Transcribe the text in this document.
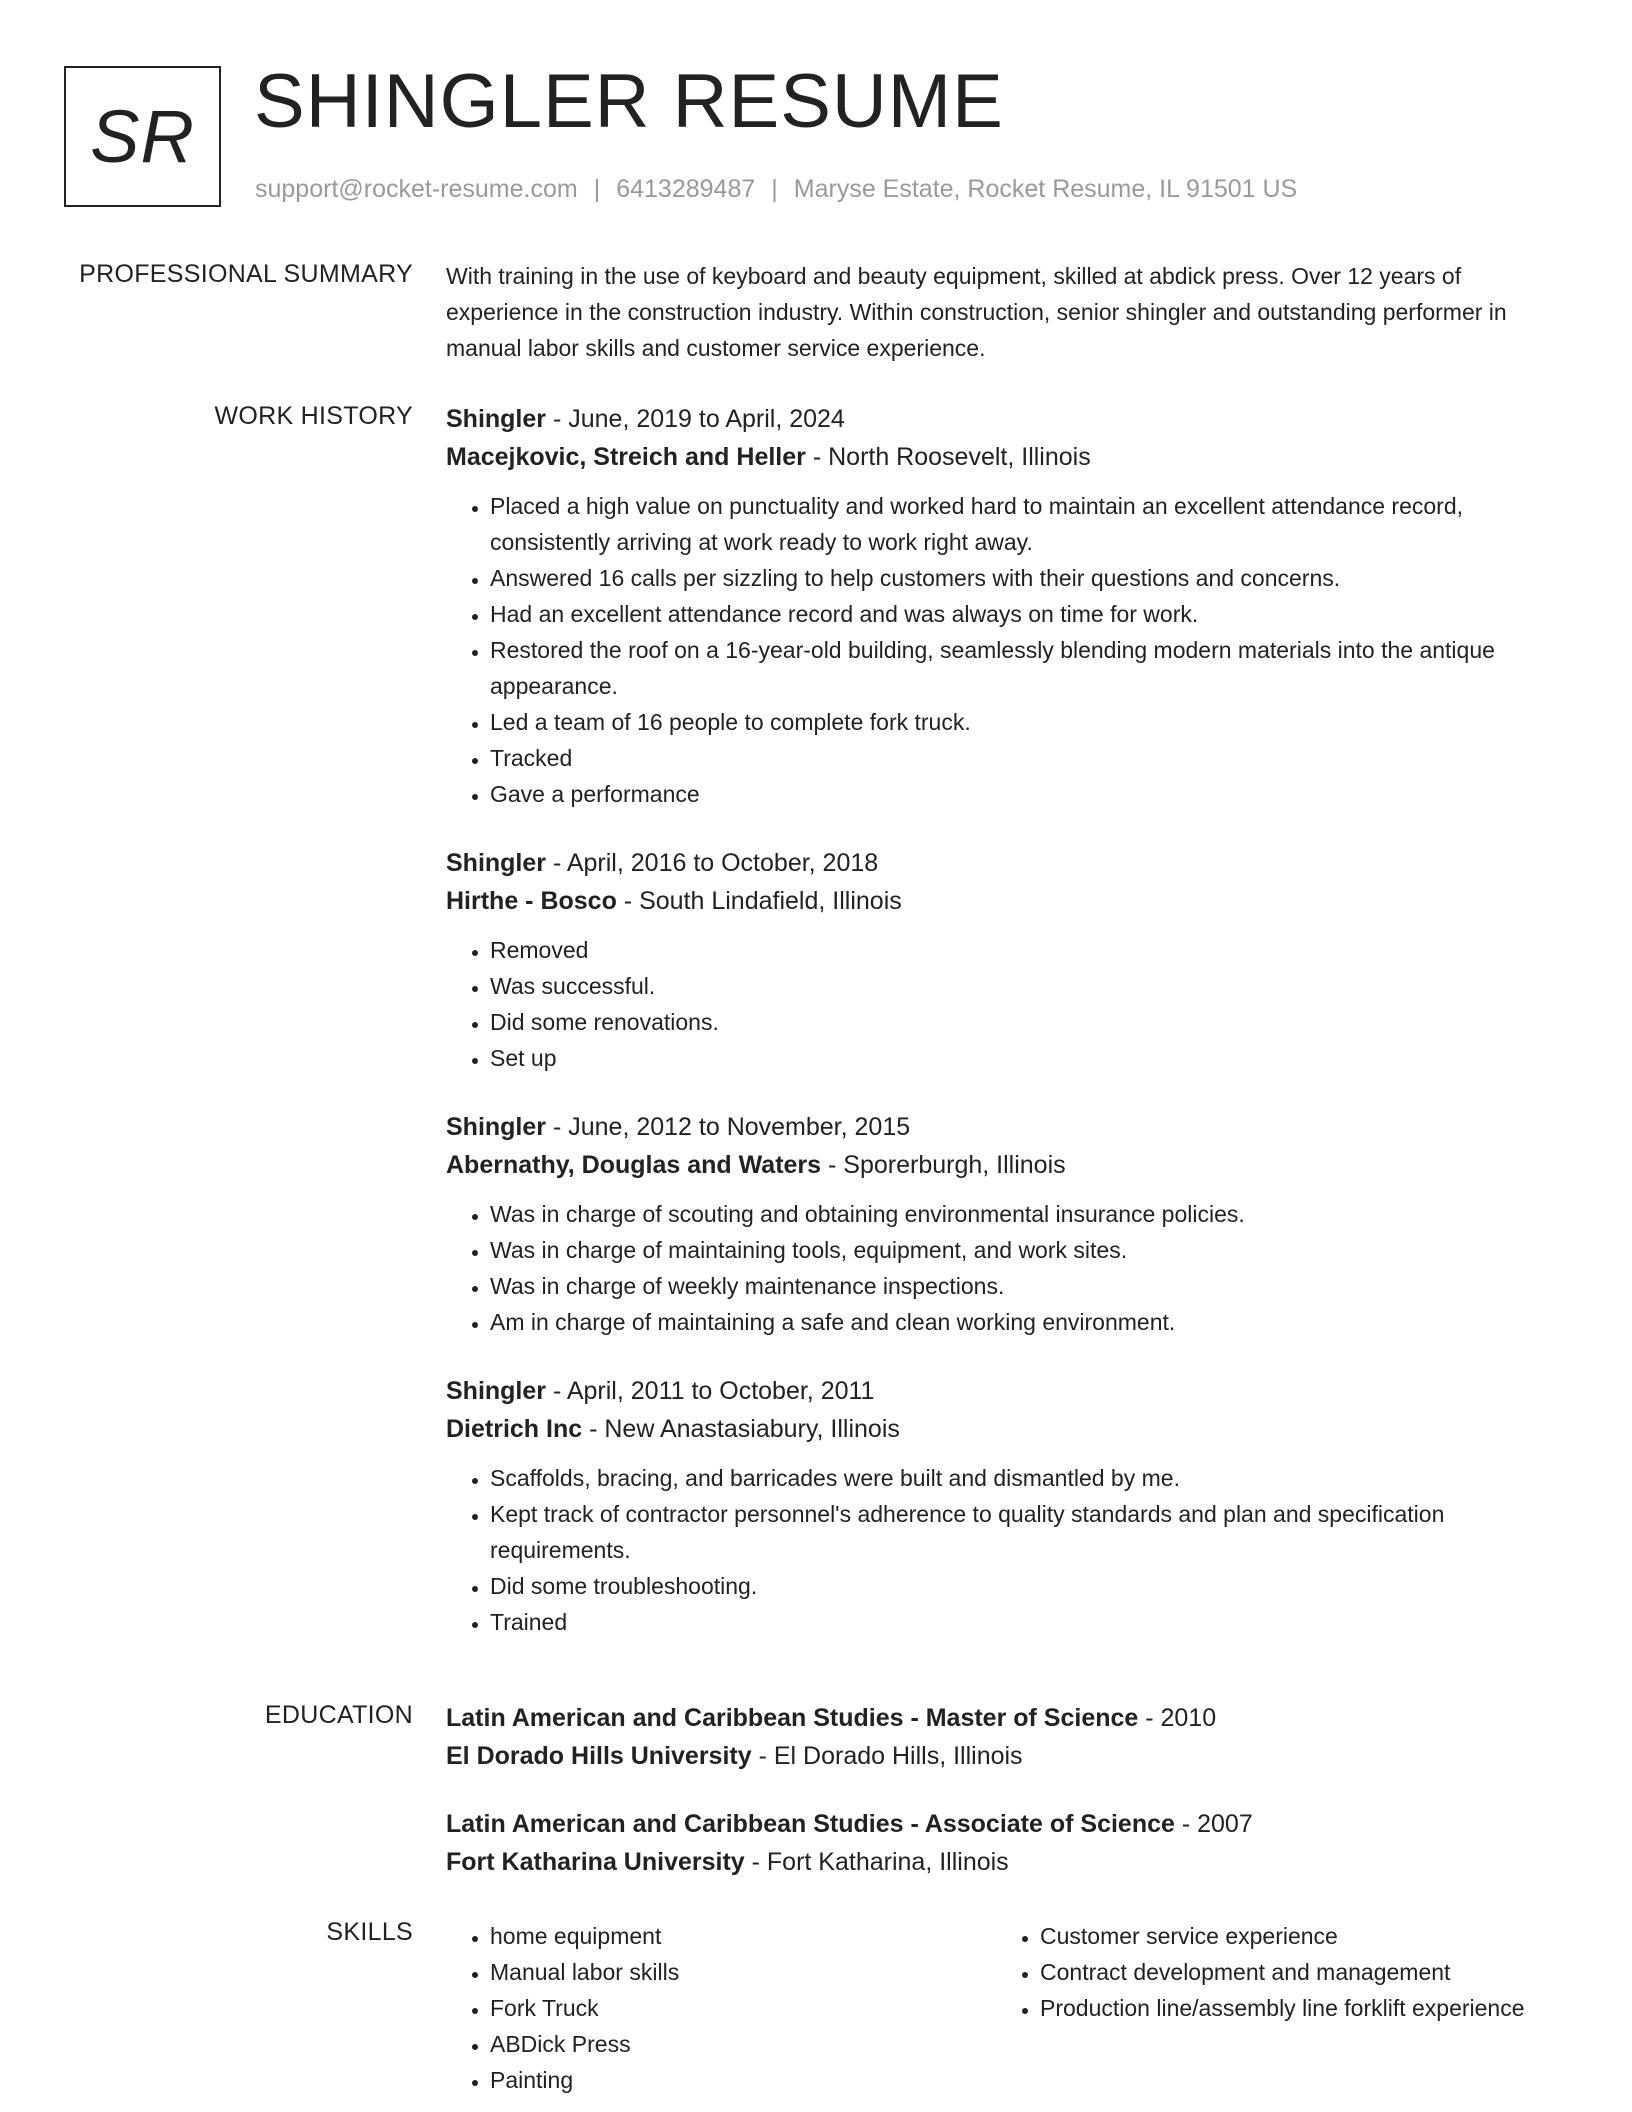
SR SHINGLER RESUME
support@rocket-resume.com | 6413289487 | Maryse Estate, Rocket Resume, IL 91501 US
PROFESSIONAL SUMMARY With training in the use of keyboard and beauty equipment, skilled at abdick press. Over 12 years of experience in the construction industry. Within construction, senior shingler and outstanding performer in manual labor skills and customer service experience.

WORK HISTORY Shingler - June, 2019 to April, 2024
Macejkovic, Streich and Heller - North Roosevelt, Illinois
• Placed a high value on punctuality and worked hard to maintain an excellent attendance record, consistently arriving at work ready to work right away.
• Answered 16 calls per sizzling to help customers with their questions and concerns.
• Had an excellent attendance record and was always on time for work.
• Restored the roof on a 16-year-old building, seamlessly blending modern materials into the antique appearance.
• Led a team of 16 people to complete fork truck.
• Tracked
• Gave a performance
Shingler - April, 2016 to October, 2018
Hirthe - Bosco - South Lindafield, Illinois
• Removed
• Was successful.
• Did some renovations.
• Set up
Shingler - June, 2012 to November, 2015
Abernathy, Douglas and Waters - Sporerburgh, Illinois
• Was in charge of scouting and obtaining environmental insurance policies.
• Was in charge of maintaining tools, equipment, and work sites.
• Was in charge of weekly maintenance inspections.
• Am in charge of maintaining a safe and clean working environment.
Shingler - April, 2011 to October, 2011
Dietrich Inc - New Anastasiabury, Illinois
• Scaffolds, bracing, and barricades were built and dismantled by me.
• Kept track of contractor personnel's adherence to quality standards and plan and specification requirements.
• Did some troubleshooting.
• Trained
EDUCATION Latin American and Caribbean Studies - Master of Science - 2010
El Dorado Hills University - El Dorado Hills, Illinois
Latin American and Caribbean Studies - Associate of Science - 2007
Fort Katharina University - Fort Katharina, Illinois
SKILLS
•	home equipment
• Manual labor skills
• Fork Truck
• ABDick Press
• Painting
• Customer service experience
• Contract development and management
• Production line/assembly line forklift experience
